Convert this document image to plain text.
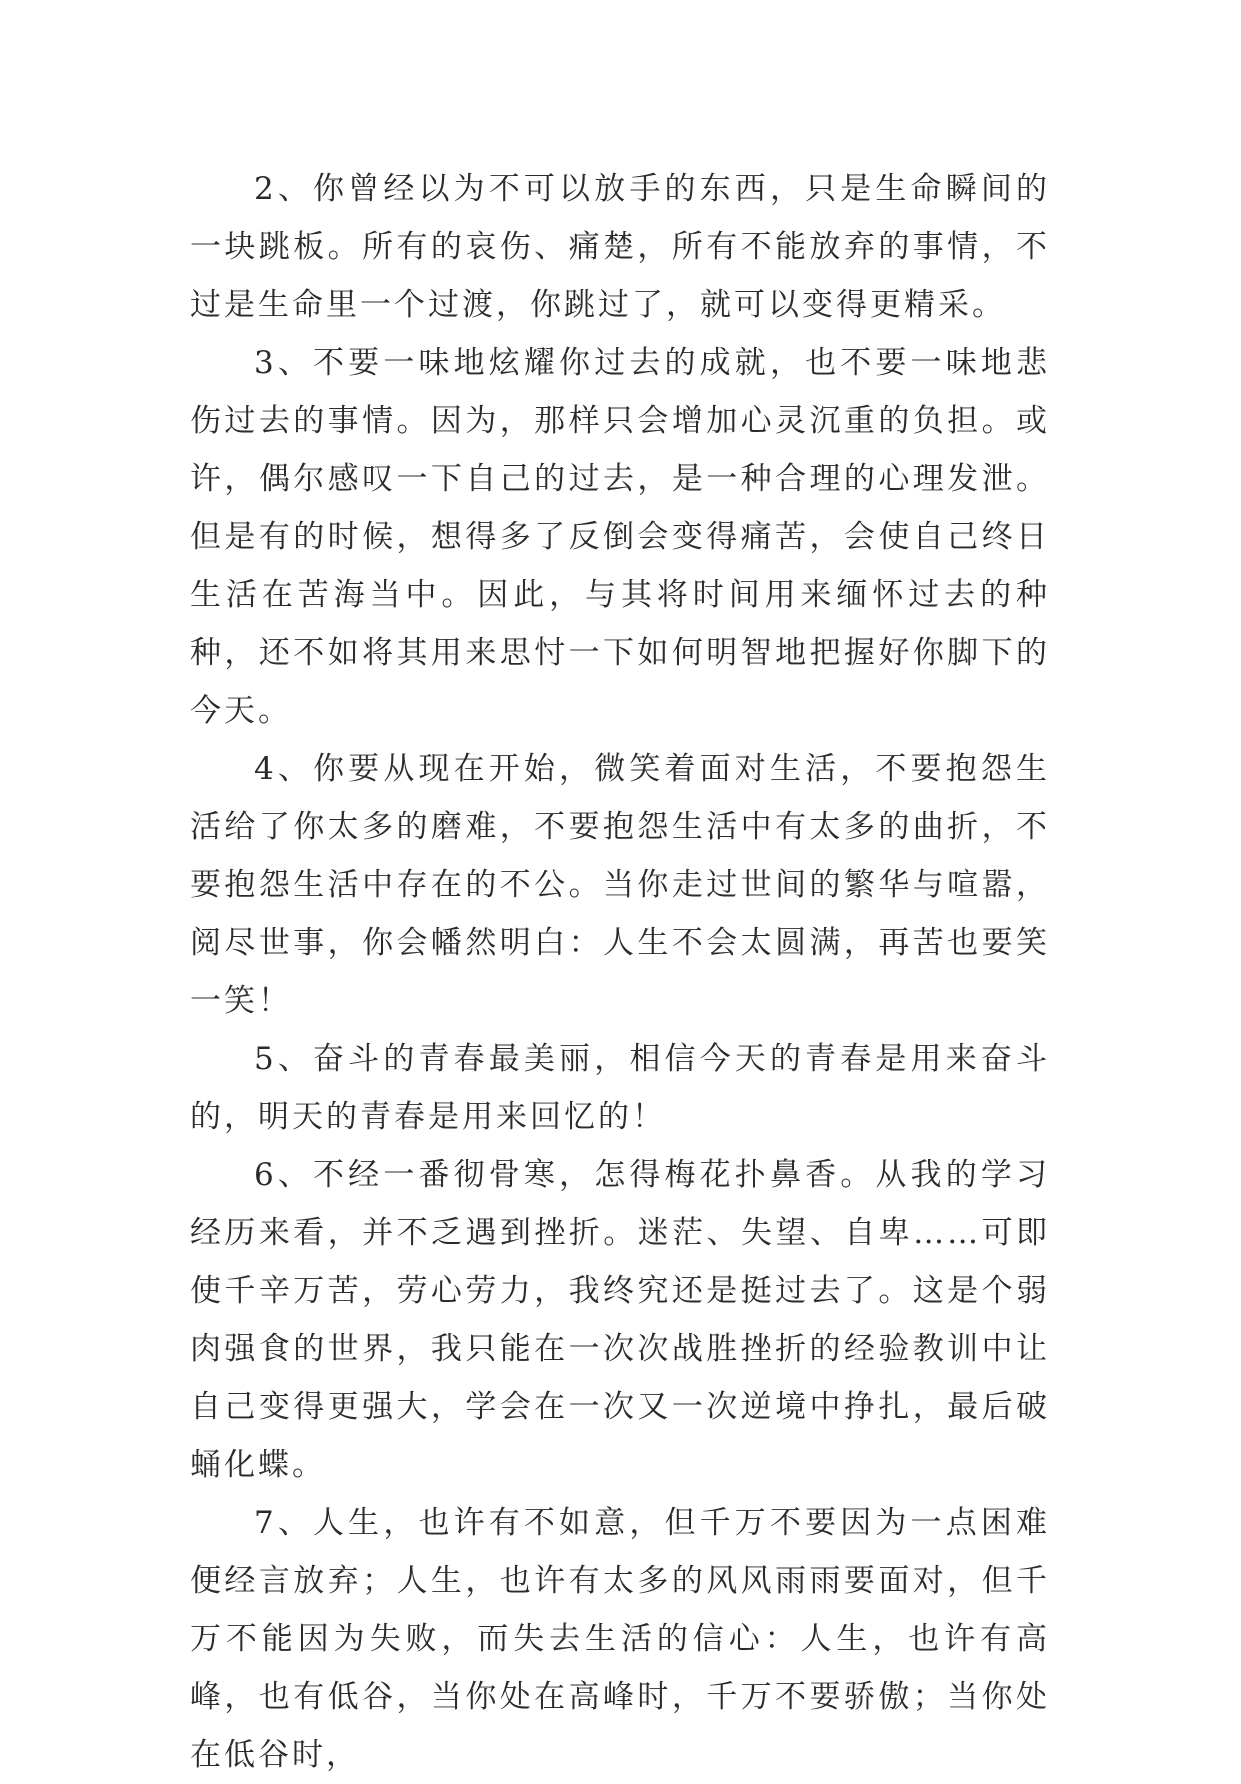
2、你曾经以为不可以放手的东西，只是生命瞬间的一块跳板。所有的哀伤、痛楚，所有不能放弃的事情，不过是生命里一个过渡，你跳过了，就可以变得更精采。

3、不要一味地炫耀你过去的成就，也不要一味地悲伤过去的事情。因为，那样只会增加心灵沉重的负担。或许，偶尔感叹一下自己的过去，是一种合理的心理发泄。但是有的时候，想得多了反倒会变得痛苦，会使自己终日生活在苦海当中。因此，与其将时间用来缅怀过去的种种，还不如将其用来思忖一下如何明智地把握好你脚下的今天。

4、你要从现在开始，微笑着面对生活，不要抱怨生活给了你太多的磨难，不要抱怨生活中有太多的曲折，不要抱怨生活中存在的不公。当你走过世间的繁华与喧嚣，阅尽世事，你会幡然明白：人生不会太圆满，再苦也要笑一笑！

5、奋斗的青春最美丽，相信今天的青春是用来奋斗的，明天的青春是用来回忆的！

6、不经一番彻骨寒，怎得梅花扑鼻香。从我的学习经历来看，并不乏遇到挫折。迷茫、失望、自卑……可即使千辛万苦，劳心劳力，我终究还是挺过去了。这是个弱肉强食的世界，我只能在一次次战胜挫折的经验教训中让自己变得更强大，学会在一次又一次逆境中挣扎，最后破蛹化蝶。

7、人生，也许有不如意，但千万不要因为一点困难便经言放弃；人生，也许有太多的风风雨雨要面对，但千万不能因为失败，而失去生活的信心：人生，也许有高峰，也有低谷，当你处在高峰时，千万不要骄傲；当你处在低谷时，
